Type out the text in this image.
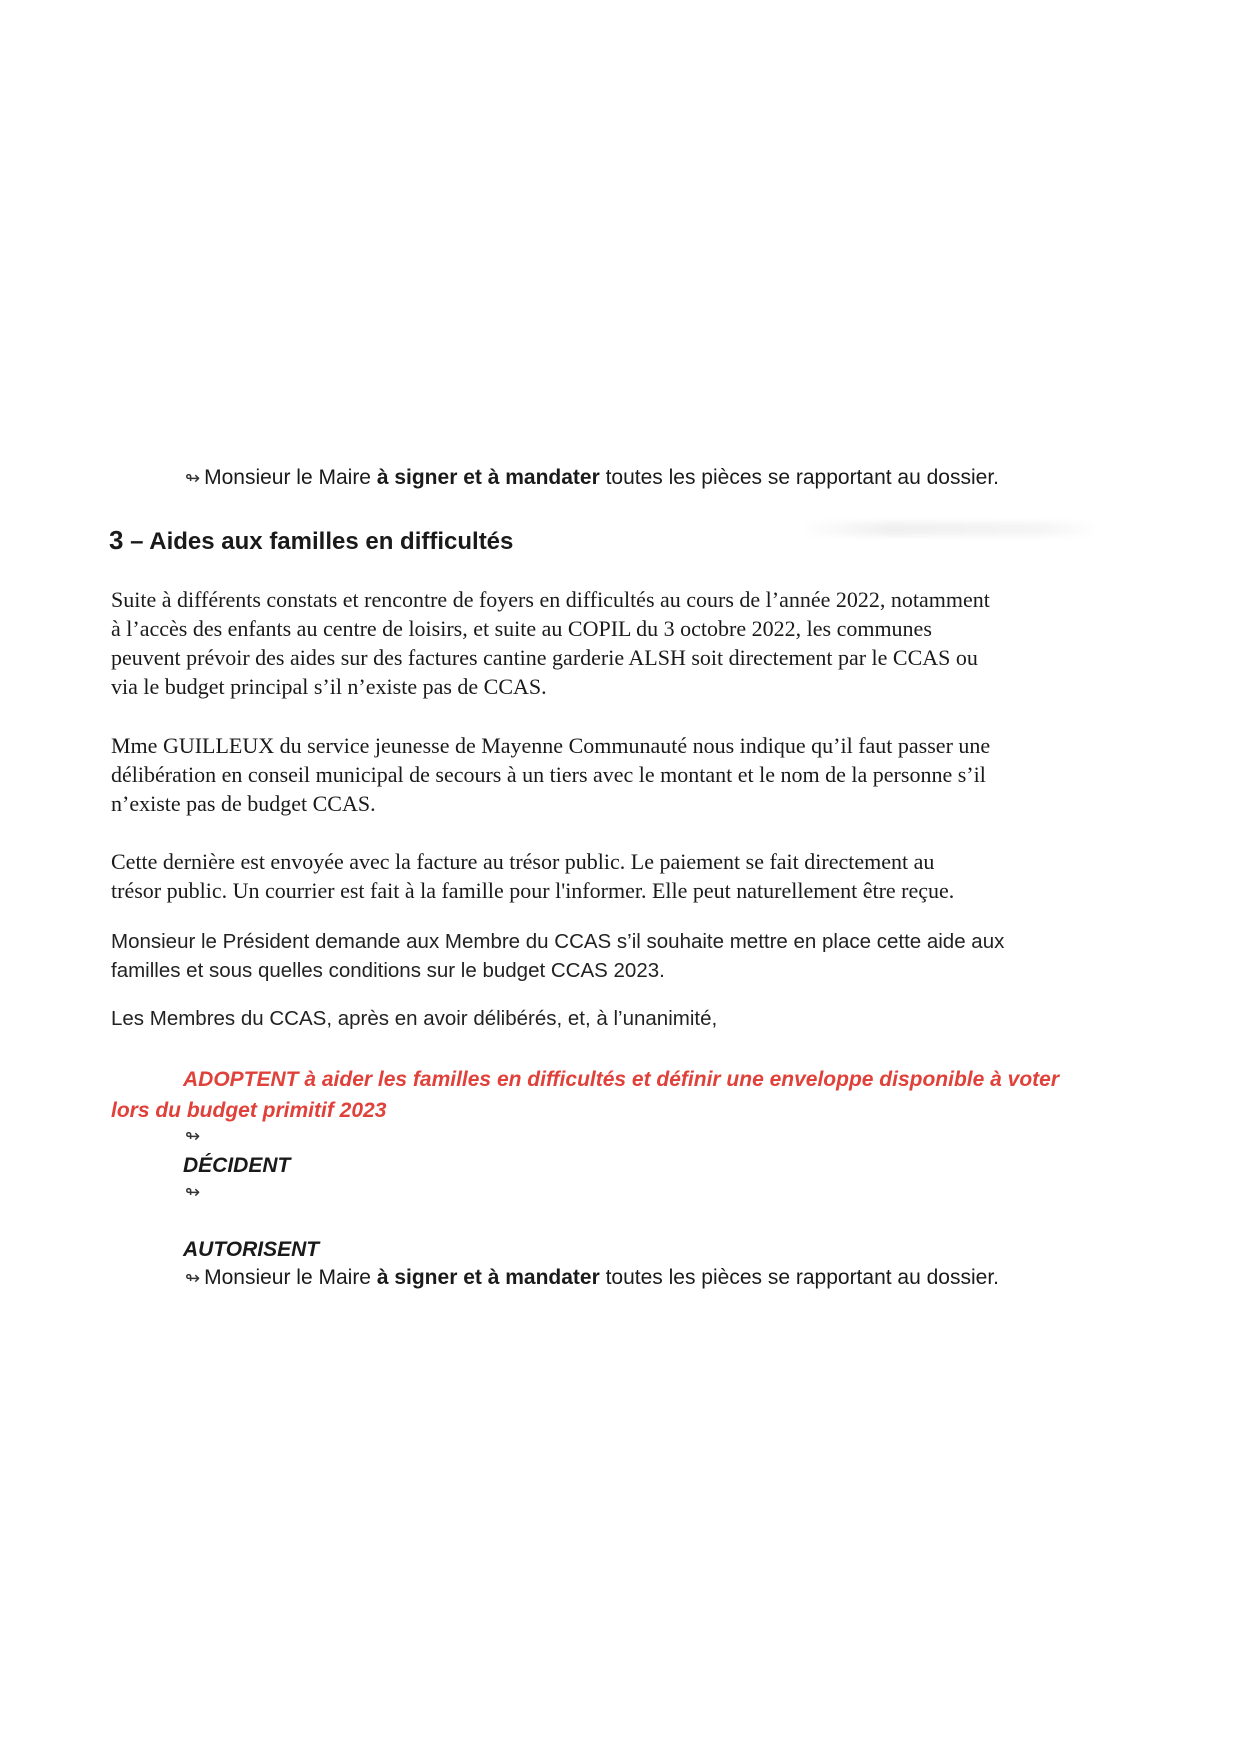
↬ Monsieur le Maire à signer et à mandater toutes les pièces se rapportant au dossier.
3 – Aides aux familles en difficultés
Suite à différents constats et rencontre de foyers en difficultés au cours de l’année 2022, notamment
à l’accès des enfants au centre de loisirs, et suite au COPIL du 3 octobre 2022, les communes
peuvent prévoir des aides sur des factures cantine garderie ALSH soit directement par le CCAS ou
via le budget principal s’il n’existe pas de CCAS.
Mme GUILLEUX du service jeunesse de Mayenne Communauté nous indique qu’il faut passer une
délibération en conseil municipal de secours à un tiers avec le montant et le nom de la personne s’il
n’existe pas de budget CCAS.
Cette dernière est envoyée avec la facture au trésor public. Le paiement se fait directement au
trésor public. Un courrier est fait à la famille pour l'informer. Elle peut naturellement être reçue.
Monsieur le Président demande aux Membre du CCAS s’il souhaite mettre en place cette aide aux
familles et sous quelles conditions sur le budget CCAS 2023.
Les Membres du CCAS, après en avoir délibérés, et, à l’unanimité,
ADOPTENT à aider les familles en difficultés et définir une enveloppe disponible à voter
lors du budget primitif 2023
↬
DÉCIDENT
↬
AUTORISENT
↬ Monsieur le Maire à signer et à mandater toutes les pièces se rapportant au dossier.
